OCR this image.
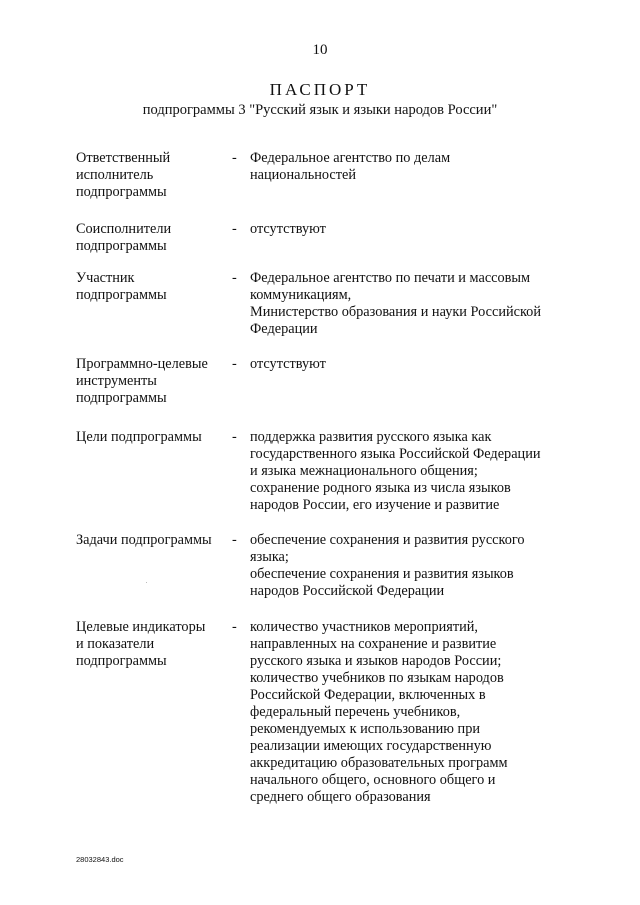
10
ПАСПОРТ
подпрограммы 3 "Русский язык и языки народов России"
Ответственный
исполнитель
подпрограммы
- Федеральное агентство по делам
национальностей
Соисполнители
подпрограммы
- отсутствуют
Участник
подпрограммы
- Федеральное агентство по печати и массовым
коммуникациям,
Министерство образования и науки Российской
Федерации
Программно-целевые
инструменты
подпрограммы
- отсутствуют
Цели подпрограммы	- поддержка развития русского языка как
государственного языка Российской Федерации
и языка межнационального общения;
сохранение родного языка из числа языков
народов России, его изучение и развитие
Задачи подпрограммы	- обеспечение сохранения и развития русского
языка;
обеспечение сохранения и развития языков
народов Российской Федерации
Целевые индикаторы
и показатели
подпрограммы
- количество участников мероприятий,
направленных на сохранение и развитие
русского языка и языков народов России;
количество учебников по языкам народов
Российской Федерации, включенных в
федеральный перечень учебников,
рекомендуемых к использованию при
реализации имеющих государственную
аккредитацию образовательных программ
начального общего, основного общего и
среднего общего образования
28032843.doc
